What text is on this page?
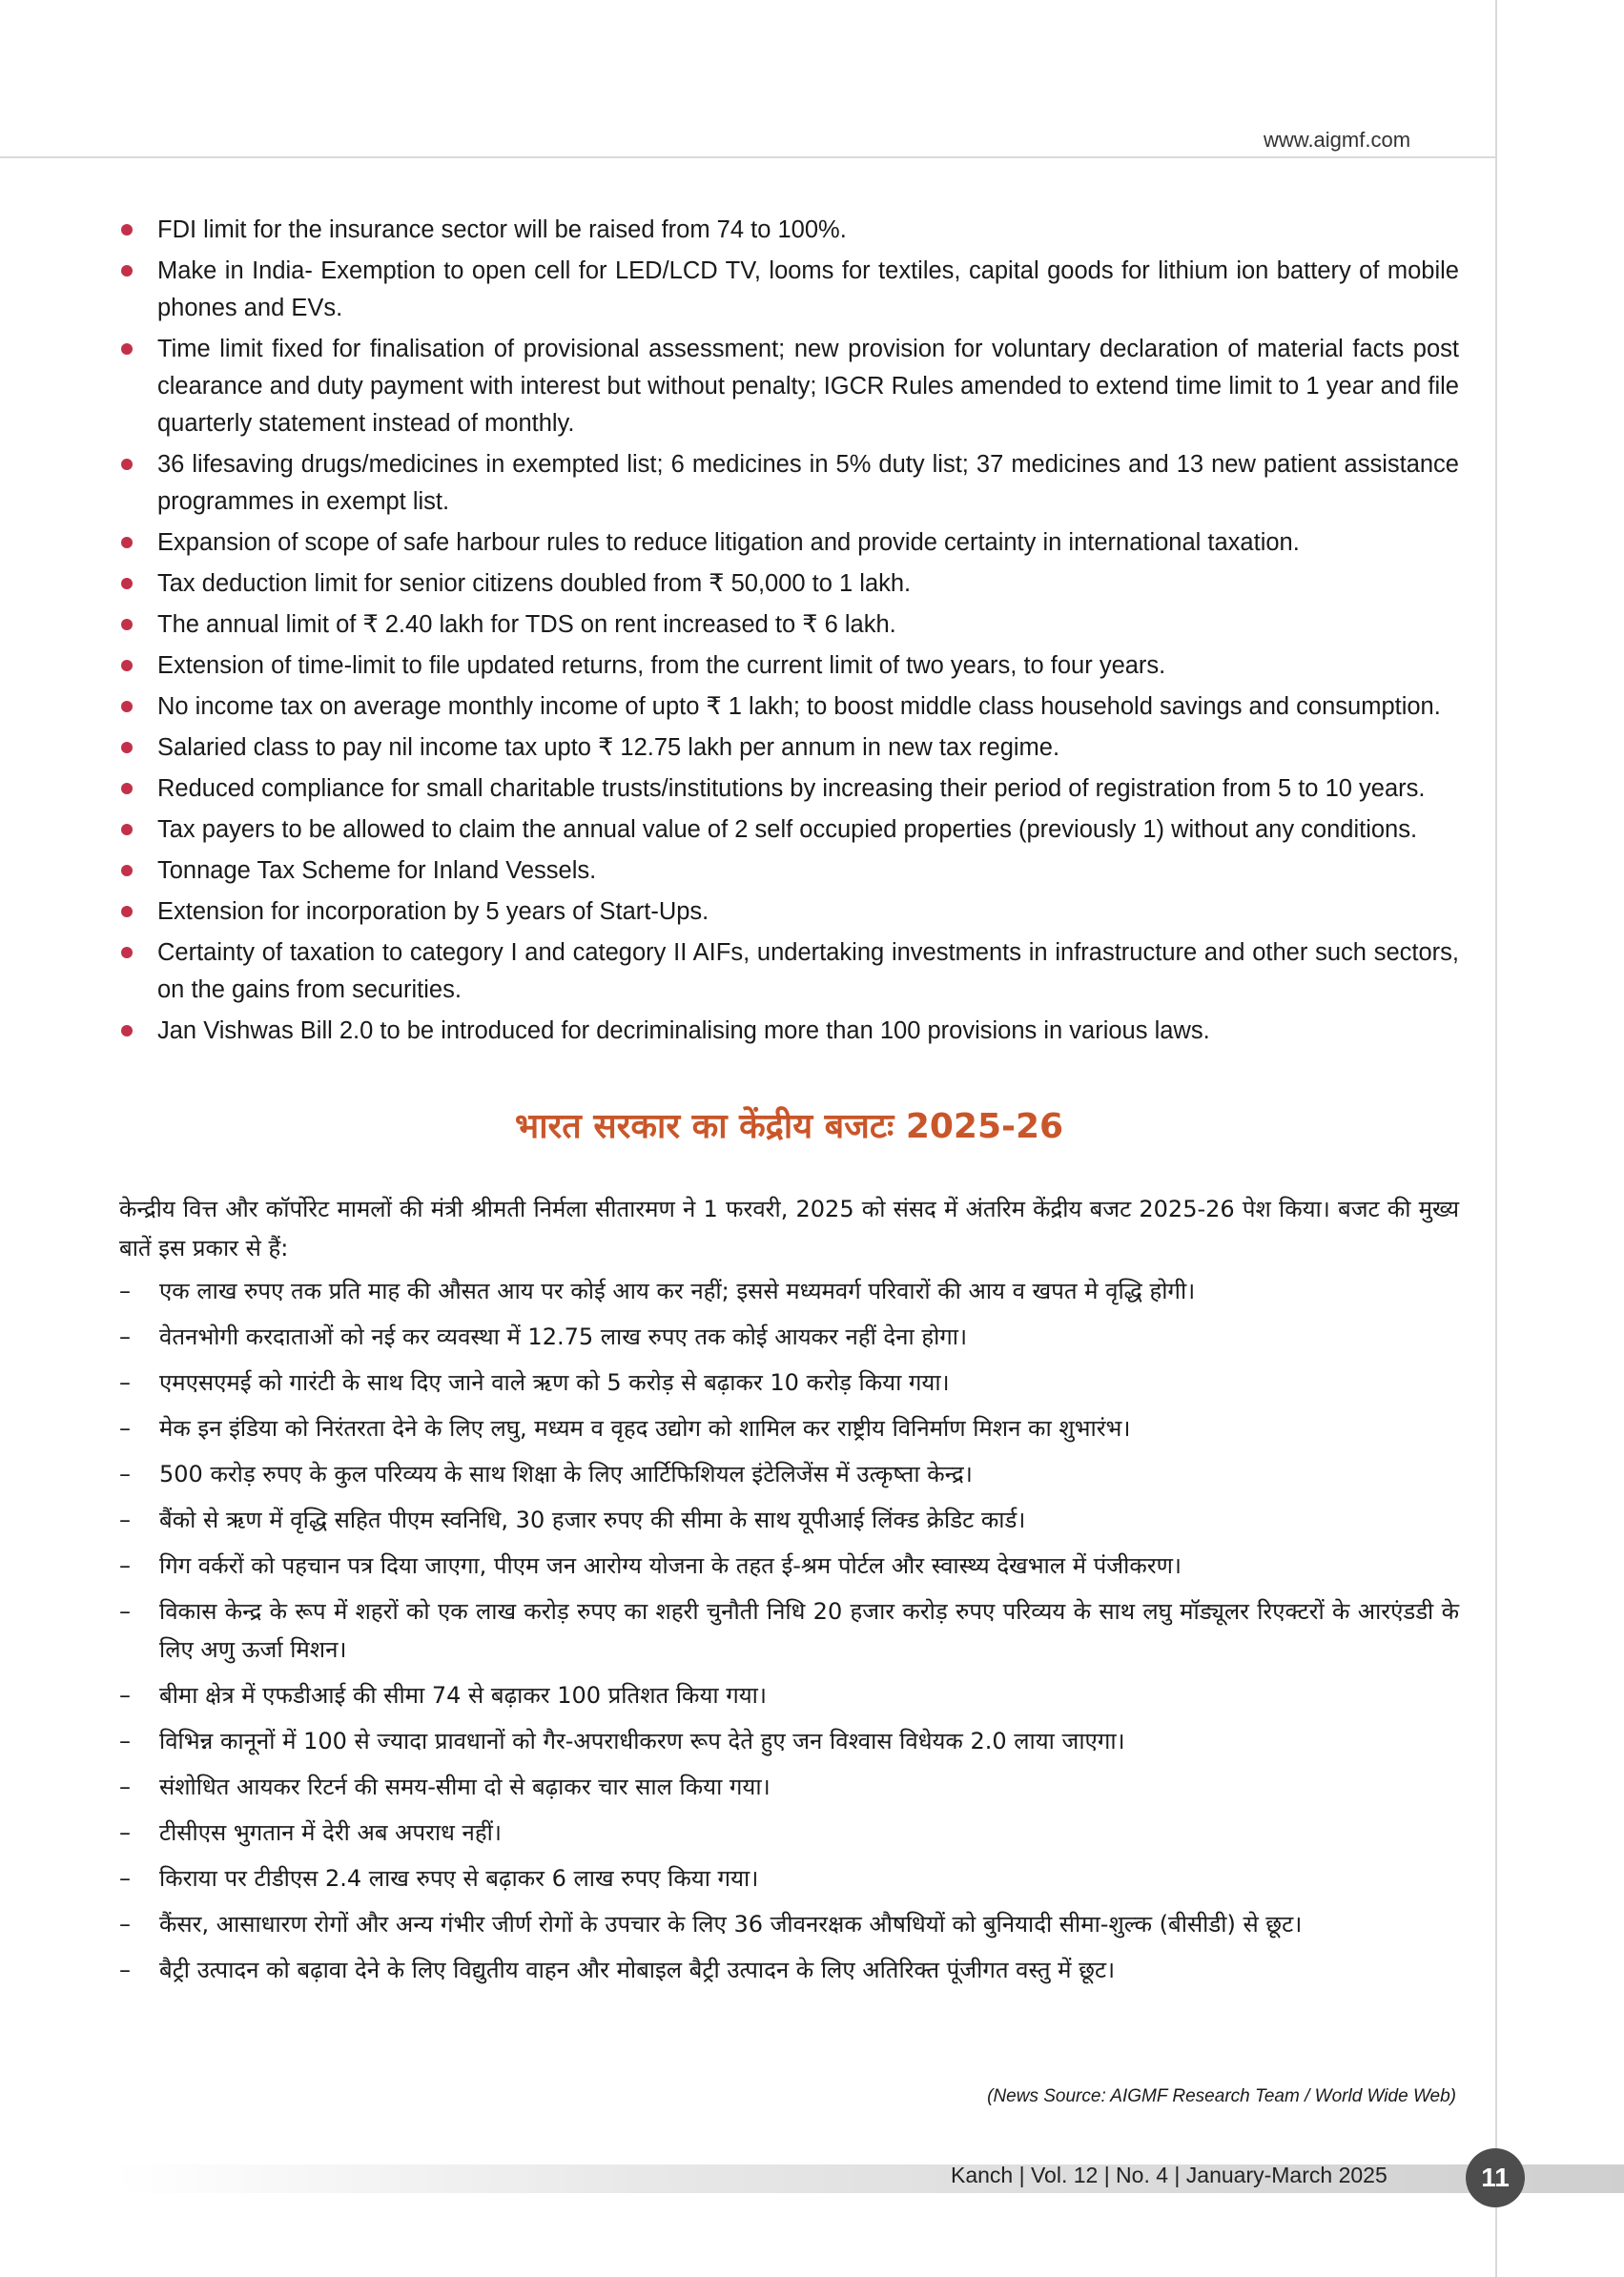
www.aigmf.com
FDI limit for the insurance sector will be raised from 74 to 100%.
Make in India- Exemption to open cell for LED/LCD TV, looms for textiles, capital goods for lithium ion battery of mobile phones and EVs.
Time limit fixed for finalisation of provisional assessment; new provision for voluntary declaration of material facts post clearance and duty payment with interest but without penalty; IGCR Rules amended to extend time limit to 1 year and file quarterly statement instead of monthly.
36 lifesaving drugs/medicines in exempted list; 6 medicines in 5% duty list; 37 medicines and 13 new patient assistance programmes in exempt list.
Expansion of scope of safe harbour rules to reduce litigation and provide certainty in international taxation.
Tax deduction limit for senior citizens doubled from ₹ 50,000 to 1 lakh.
The annual limit of ₹ 2.40 lakh for TDS on rent increased to ₹ 6 lakh.
Extension of time-limit to file updated returns, from the current limit of two years, to four years.
No income tax on average monthly income of upto ₹ 1 lakh; to boost middle class household savings and consumption.
Salaried class to pay nil income tax upto ₹ 12.75 lakh per annum in new tax regime.
Reduced compliance for small charitable trusts/institutions by increasing their period of registration from 5 to 10 years.
Tax payers to be allowed to claim the annual value of 2 self occupied properties (previously 1) without any conditions.
Tonnage Tax Scheme for Inland Vessels.
Extension for incorporation by 5 years of Start-Ups.
Certainty of taxation to category I and category II AIFs, undertaking investments in infrastructure and other such sectors, on the gains from securities.
Jan Vishwas Bill 2.0 to be introduced for decriminalising more than 100 provisions in various laws.
भारत सरकार का केंद्रीय बजटः 2025-26

केन्द्रीय वित्त और कॉर्पोरेट मामलों की मंत्री श्रीमती निर्मला सीतारमण ने 1 फरवरी, 2025 को संसद में अंतरिम केंद्रीय बजट 2025-26 पेश किया। बजट की मुख्य बातें इस प्रकार से हैं:

– एक लाख रुपए तक प्रति माह की औसत आय पर कोई आय कर नहीं; इससे मध्यमवर्ग परिवारों की आय व खपत मे वृद्धि होगी।
– वेतनभोगी करदाताओं को नई कर व्यवस्था में 12.75 लाख रुपए तक कोई आयकर नहीं देना होगा।
– एमएसएमई को गारंटी के साथ दिए जाने वाले ऋण को 5 करोड़ से बढ़ाकर 10 करोड़ किया गया।
– मेक इन इंडिया को निरंतरता देने के लिए लघु, मध्यम व वृहद उद्योग को शामिल कर राष्ट्रीय विनिर्माण मिशन का शुभारंभ।
– 500 करोड़ रुपए के कुल परिव्यय के साथ शिक्षा के लिए आर्टिफिशियल इंटेलिजेंस में उत्कृष्ता केन्द्र।
– बैंको से ऋण में वृद्धि सहित पीएम स्वनिधि, 30 हजार रुपए की सीमा के साथ यूपीआई लिंक्ड क्रेडिट कार्ड।
– गिग वर्करों को पहचान पत्र दिया जाएगा, पीएम जन आरोग्य योजना के तहत ई-श्रम पोर्टल और स्वास्थ्य देखभाल में पंजीकरण।
– विकास केन्द्र के रूप में शहरों को एक लाख करोड़ रुपए का शहरी चुनौती निधि 20 हजार करोड़ रुपए परिव्यय के साथ लघु मॉड्यूलर रिएक्टरों के आरएंडडी के लिए अणु ऊर्जा मिशन।
– बीमा क्षेत्र में एफडीआई की सीमा 74 से बढ़ाकर 100 प्रतिशत किया गया।
– विभिन्न कानूनों में 100 से ज्यादा प्रावधानों को गैर-अपराधीकरण रूप देते हुए जन विश्वास विधेयक 2.0 लाया जाएगा।
– संशोधित आयकर रिटर्न की समय-सीमा दो से बढ़ाकर चार साल किया गया।
– टीसीएस भुगतान में देरी अब अपराध नहीं।
– किराया पर टीडीएस 2.4 लाख रुपए से बढ़ाकर 6 लाख रुपए किया गया।
– कैंसर, आसाधारण रोगों और अन्य गंभीर जीर्ण रोगों के उपचार के लिए 36 जीवनरक्षक औषधियों को बुनियादी सीमा-शुल्क (बीसीडी) से छूट।
– बैट्री उत्पादन को बढ़ावा देने के लिए विद्युतीय वाहन और मोबाइल बैट्री उत्पादन के लिए अतिरिक्त पूंजीगत वस्तु में छूट।
(News Source: AIGMF Research Team / World Wide Web)
Kanch | Vol. 12 | No. 4 | January-March 2025	11
